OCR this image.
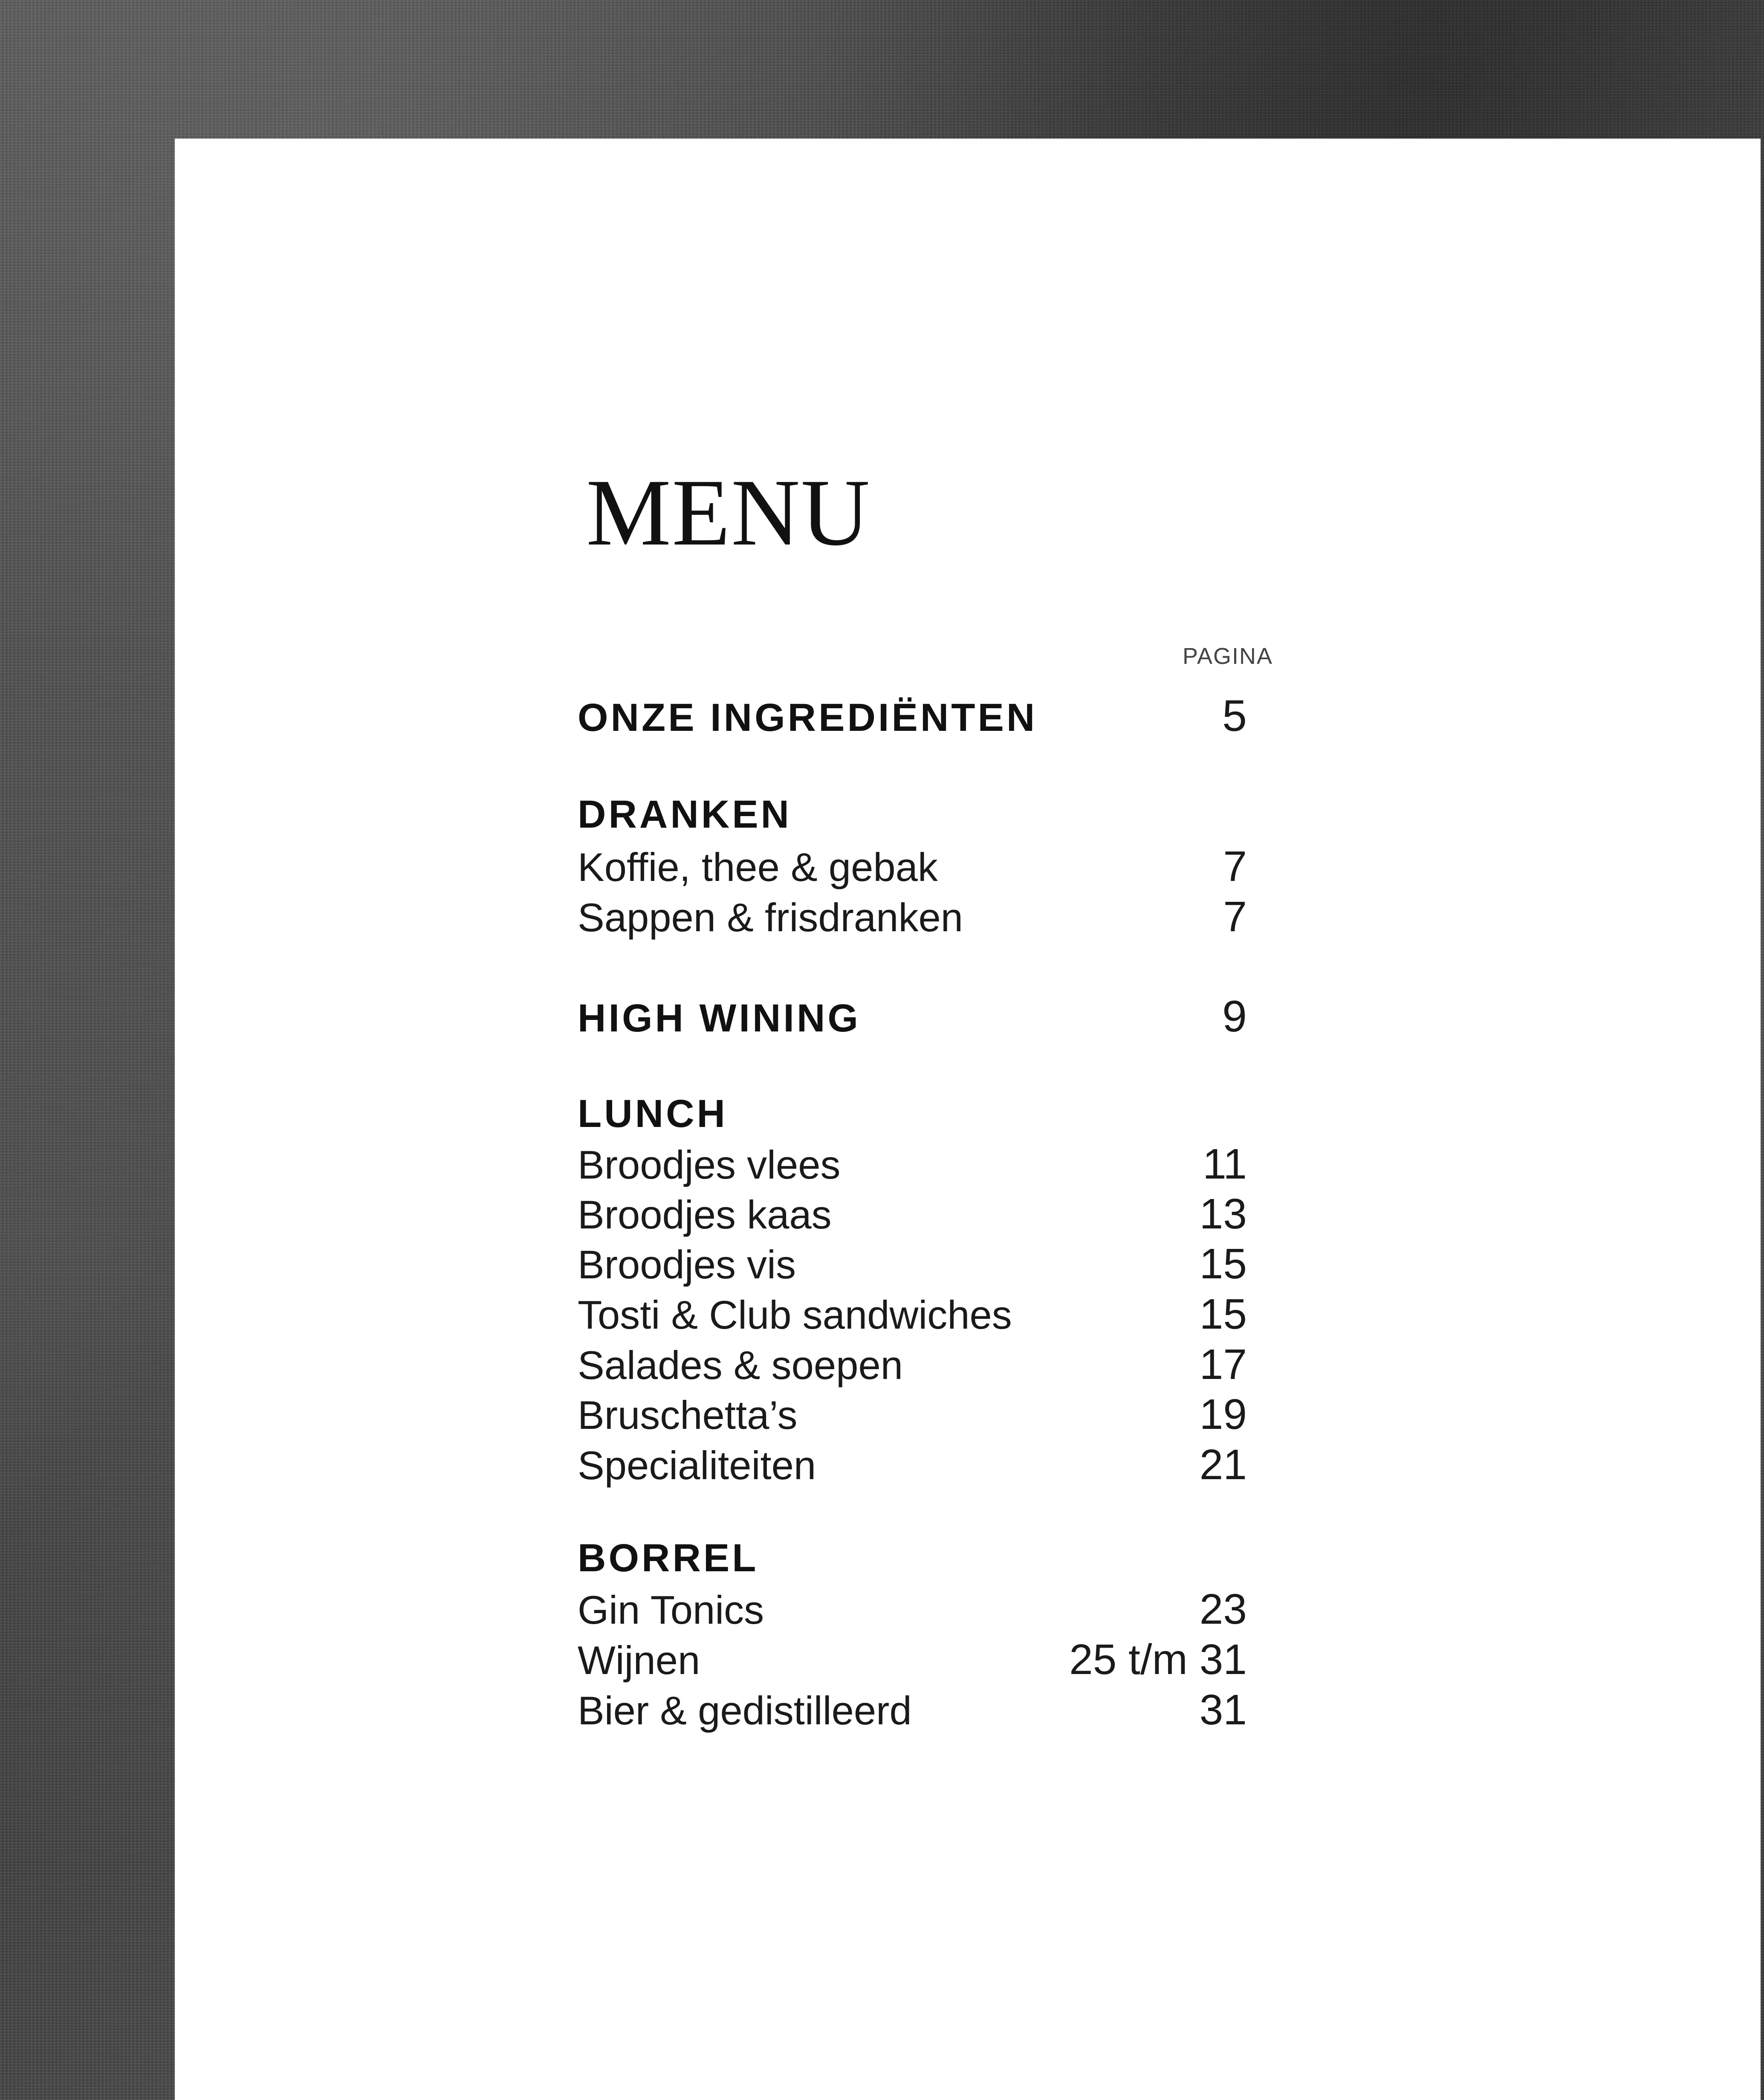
MENU
PAGINA
ONZE INGREDIËNTEN	5
DRANKEN
Koffie, thee & gebak	7
Sappen & frisdranken	7
HIGH WINING	9
LUNCH
Broodjes vlees	11
Broodjes kaas	13
Broodjes vis	15
Tosti & Club sandwiches	15
Salades & soepen	17
Bruschetta’s	19
Specialiteiten	21
BORREL
Gin Tonics	23
Wijnen	25 t/m 31
Bier & gedistilleerd	31
